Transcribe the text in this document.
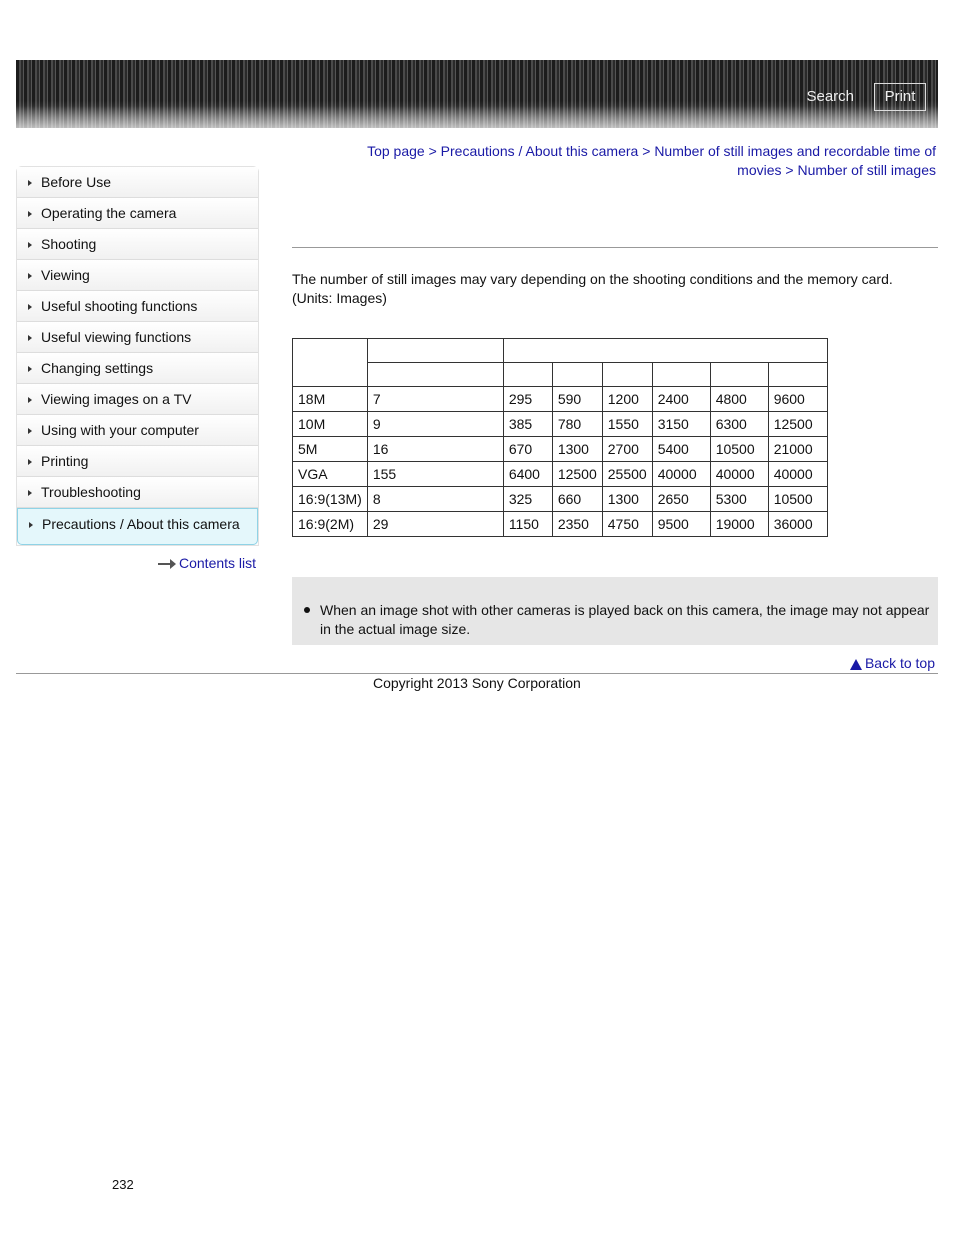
Search	Print
Top page > Precautions / About this camera > Number of still images and recordable time of
movies > Number of still images
Before Use
Operating the camera
Shooting
Viewing
Useful shooting functions
Useful viewing functions
Changing settings
Viewing images on a TV
Using with your computer
Printing
Troubleshooting
Precautions / About this camera
Contents list
The number of still images may vary depending on the shooting conditions and the memory card.
(Units: Images)

18M	7	295	590	1200	2400	4800	9600
10M	9	385	780	1550	3150	6300	12500
5M	16	670	1300	2700	5400	10500	21000
VGA	155	6400	12500	25500	40000	40000	40000
16:9(13M)	8	325	660	1300	2650	5300	10500
16:9(2M)	29	1150	2350	4750	9500	19000	36000
When an image shot with other cameras is played back on this camera, the image may not appear in the actual image size.
Back to top
Copyright 2013 Sony Corporation
232
